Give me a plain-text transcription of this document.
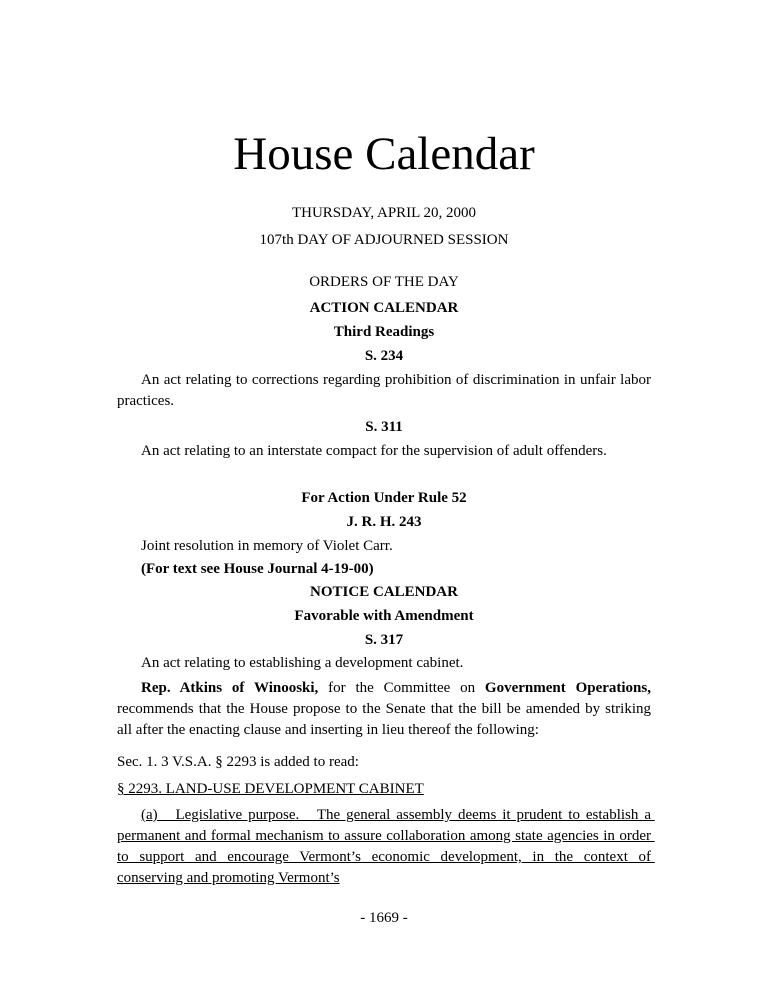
House Calendar
THURSDAY, APRIL 20, 2000
107th DAY OF ADJOURNED SESSION
ORDERS OF THE DAY
ACTION CALENDAR
Third Readings
S. 234
An act relating to corrections regarding prohibition of discrimination in unfair labor practices.
S. 311
An act relating to an interstate compact for the supervision of adult offenders.
For Action Under Rule 52
J. R. H. 243
Joint resolution in memory of Violet Carr.
(For text see House Journal 4-19-00)
NOTICE CALENDAR
Favorable with Amendment
S. 317
An act relating to establishing a development cabinet.
Rep. Atkins of Winooski, for the Committee on Government Operations, recommends that the House propose to the Senate that the bill be amended by striking all after the enacting clause and inserting in lieu thereof the following:
Sec. 1. 3 V.S.A. § 2293 is added to read:
§ 2293. LAND-USE DEVELOPMENT CABINET
(a)   Legislative purpose.   The general assembly deems it prudent to establish a permanent and formal mechanism to assure collaboration among state agencies in order to support and encourage Vermont’s economic development, in the context of conserving and promoting Vermont’s
- 1669 -
